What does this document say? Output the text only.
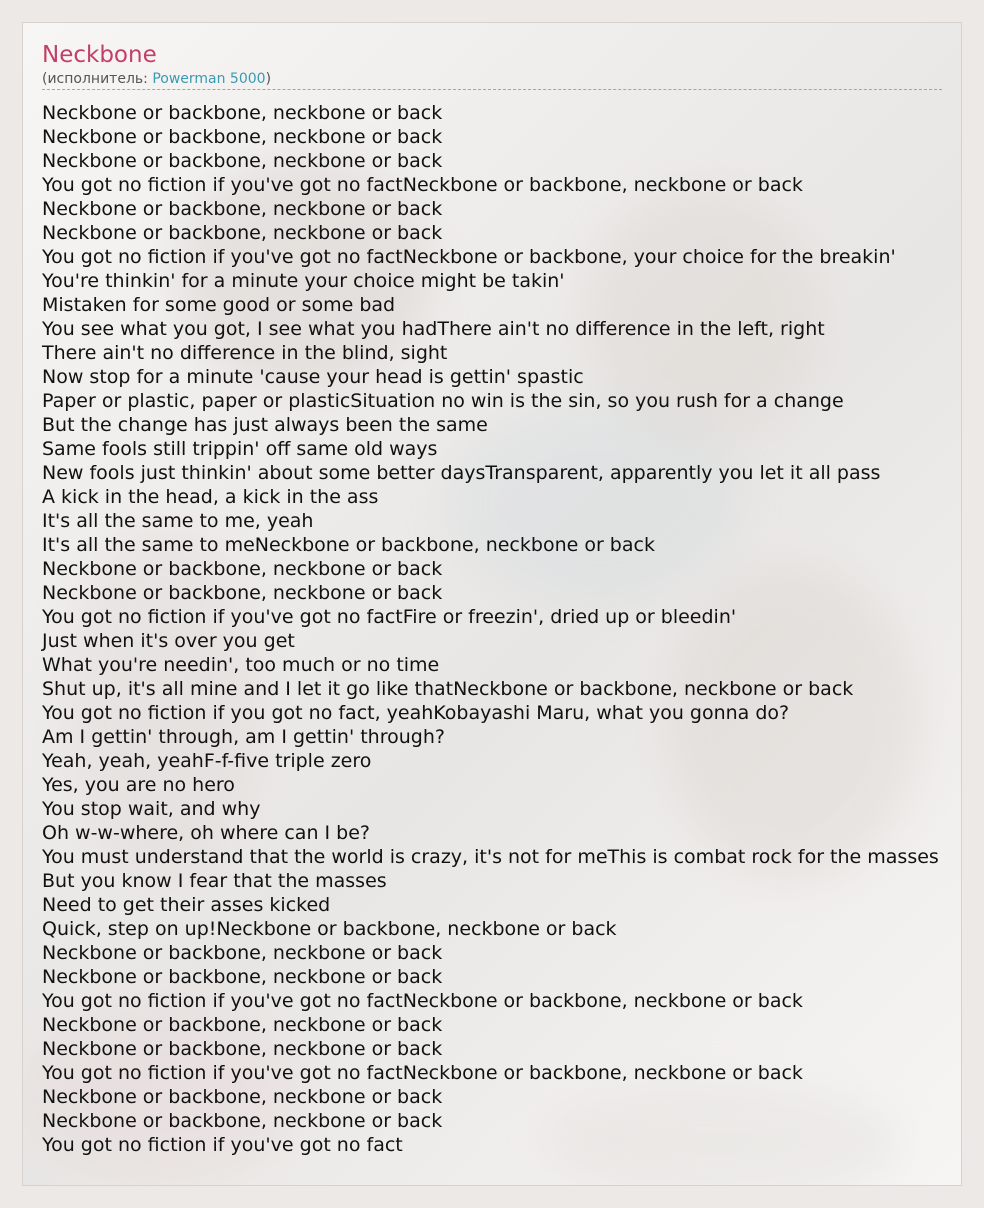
Neckbone
(исполнитель: Powerman 5000)
Neckbone or backbone, neckbone or back
Neckbone or backbone, neckbone or back
Neckbone or backbone, neckbone or back
You got no fiction if you've got no factNeckbone or backbone, neckbone or back
Neckbone or backbone, neckbone or back
Neckbone or backbone, neckbone or back
You got no fiction if you've got no factNeckbone or backbone, your choice for the breakin'
You're thinkin' for a minute your choice might be takin'
Mistaken for some good or some bad
You see what you got, I see what you hadThere ain't no difference in the left, right
There ain't no difference in the blind, sight
Now stop for a minute 'cause your head is gettin' spastic
Paper or plastic, paper or plasticSituation no win is the sin, so you rush for a change
But the change has just always been the same
Same fools still trippin' off same old ways
New fools just thinkin' about some better daysTransparent, apparently you let it all pass
A kick in the head, a kick in the ass
It's all the same to me, yeah
It's all the same to meNeckbone or backbone, neckbone or back
Neckbone or backbone, neckbone or back
Neckbone or backbone, neckbone or back
You got no fiction if you've got no factFire or freezin', dried up or bleedin'
Just when it's over you get
What you're needin', too much or no time
Shut up, it's all mine and I let it go like thatNeckbone or backbone, neckbone or back
You got no fiction if you got no fact, yeahKobayashi Maru, what you gonna do?
Am I gettin' through, am I gettin' through?
Yeah, yeah, yeahF-f-five triple zero
Yes, you are no hero
You stop wait, and why
Oh w-w-where, oh where can I be?
You must understand that the world is crazy, it's not for meThis is combat rock for the masses
But you know I fear that the masses
Need to get their asses kicked
Quick, step on up!Neckbone or backbone, neckbone or back
Neckbone or backbone, neckbone or back
Neckbone or backbone, neckbone or back
You got no fiction if you've got no factNeckbone or backbone, neckbone or back
Neckbone or backbone, neckbone or back
Neckbone or backbone, neckbone or back
You got no fiction if you've got no factNeckbone or backbone, neckbone or back
Neckbone or backbone, neckbone or back
Neckbone or backbone, neckbone or back
You got no fiction if you've got no fact
